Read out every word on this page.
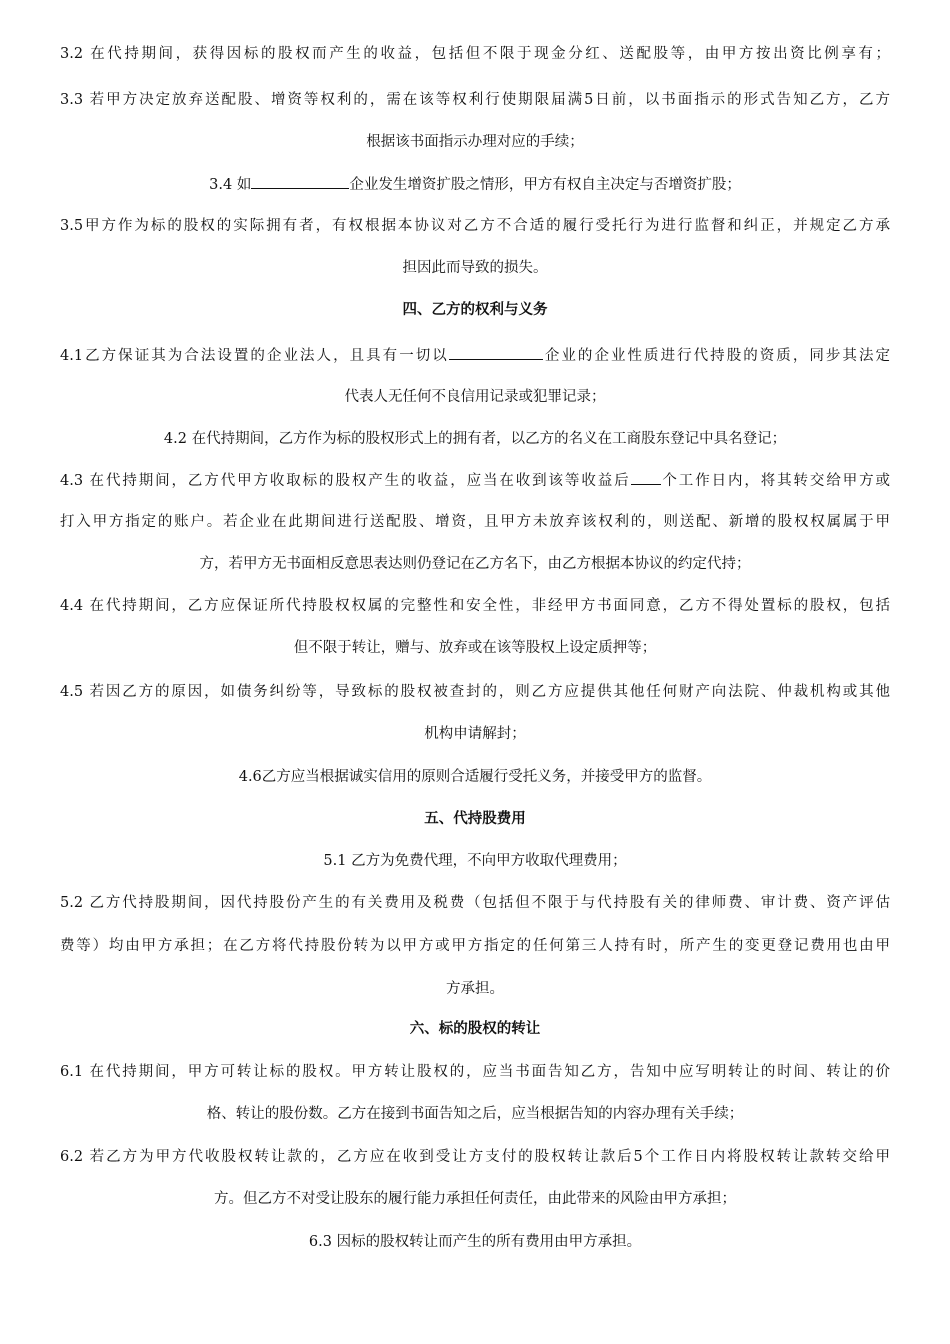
3.2 在代持期间，获得因标的股权而产生的收益，包括但不限于现金分红、送配股等，由甲方按出资比例享有；
3.3 若甲方决定放弃送配股、增资等权利的，需在该等权利行使期限届满5日前，以书面指示的形式告知乙方，乙方
根据该书面指示办理对应的手续；
3.4 如	企业发生增资扩股之情形，甲方有权自主决定与否增资扩股；
3.5甲方作为标的股权的实际拥有者，有权根据本协议对乙方不合适的履行受托行为进行监督和纠正，并规定乙方承
担因此而导致的损失。
四、乙方的权利与义务
4.1乙方保证其为合法设置的企业法人，且具有一切以	企业的企业性质进行代持股的资质，同步其法定
代表人无任何不良信用记录或犯罪记录；
4.2 在代持期间，乙方作为标的股权形式上的拥有者，以乙方的名义在工商股东登记中具名登记；
4.3 在代持期间，乙方代甲方收取标的股权产生的收益，应当在收到该等收益后 个工作日内，将其转交给甲方或
打入甲方指定的账户。若企业在此期间进行送配股、增资，且甲方未放弃该权利的，则送配、新增的股权权属属于甲
方，若甲方无书面相反意思表达则仍登记在乙方名下，由乙方根据本协议的约定代持；
4.4 在代持期间，乙方应保证所代持股权权属的完整性和安全性，非经甲方书面同意，乙方不得处置标的股权，包括
但不限于转让，赠与、放弃或在该等股权上设定质押等；
4.5 若因乙方的原因，如债务纠纷等，导致标的股权被查封的，则乙方应提供其他任何财产向法院、仲裁机构或其他
机构申请解封；
4.6乙方应当根据诚实信用的原则合适履行受托义务，并接受甲方的监督。
五、代持股费用
5.1 乙方为免费代理，不向甲方收取代理费用；
5.2 乙方代持股期间，因代持股份产生的有关费用及税费（包括但不限于与代持股有关的律师费、审计费、资产评估
费等）均由甲方承担；在乙方将代持股份转为以甲方或甲方指定的任何第三人持有时，所产生的变更登记费用也由甲
方承担。
六、标的股权的转让
6.1 在代持期间，甲方可转让标的股权。甲方转让股权的，应当书面告知乙方，告知中应写明转让的时间、转让的价
格、转让的股份数。乙方在接到书面告知之后，应当根据告知的内容办理有关手续；
6.2 若乙方为甲方代收股权转让款的，乙方应在收到受让方支付的股权转让款后5个工作日内将股权转让款转交给甲
方。但乙方不对受让股东的履行能力承担任何责任，由此带来的风险由甲方承担；
6.3 因标的股权转让而产生的所有费用由甲方承担。
